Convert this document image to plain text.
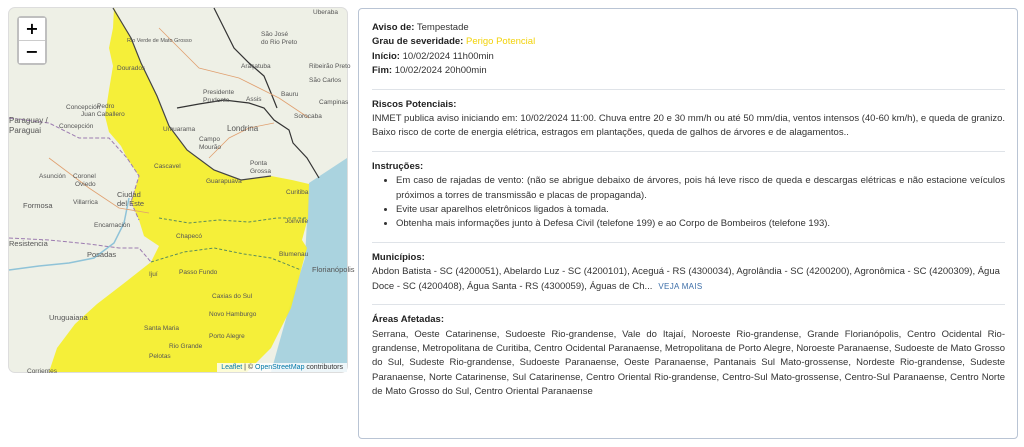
+
−
Uberaba
São José
do Rio Preto
Rio Verde de Mato Grosso
Araçatuba	Ribeirão Preto
São Carlos
Bauru
Presidente
Prudente	Assis	Campinas
Sorocaba
Dourados
Concepción
Pedro
Juan Caballero
Paraguay /
Paraguai	Concepción	Londrina
Umuarama
Campo
Mourão
Ponta
Grossa
Cascavel
Guarapuava
Curitiba
Joinville
Asunción Coronel
Oviedo
Ciudad
del Este
Formosa	Villarrica
Encarnación
Chapecó
Blumenau
Florianópolis
Resistencia
Posadas
Ijuí	Passo Fundo
Caxias do Sul
Novo Hamburgo
Porto Alegre
Santa Maria
Uruguaiana
Rio Grande
Corrientes
Pelotas
Leaflet | © OpenStreetMap contributors
Aviso de: Tempestade
Grau de severidade: Perigo Potencial
Início: 10/02/2024 11h00min
Fim: 10/02/2024 20h00min
Riscos Potenciais:
INMET publica aviso iniciando em: 10/02/2024 11:00. Chuva entre 20 e 30 mm/h ou até 50 mm/dia, ventos intensos (40-60 km/h), e queda de granizo. Baixo risco de corte de energia elétrica, estragos em plantações, queda de galhos de árvores e de alagamentos..
Instruções:
• Em caso de rajadas de vento: (não se abrigue debaixo de árvores, pois há leve risco de queda e descargas elétricas e não estacione veículos próximos a torres de transmissão e placas de propaganda).
• Evite usar aparelhos eletrônicos ligados à tomada.
• Obtenha mais informações junto à Defesa Civil (telefone 199) e ao Corpo de Bombeiros (telefone 193).
Municípios:
Abdon Batista - SC (4200051), Abelardo Luz - SC (4200101), Aceguá - RS (4300034), Agrolândia - SC (4200200), Agronômica - SC (4200309), Água Doce - SC (4200408), Água Santa - RS (4300059), Águas de Ch... VEJA MAIS
Áreas Afetadas:
Serrana, Oeste Catarinense, Sudoeste Rio-grandense, Vale do Itajaí, Noroeste Rio-grandense, Grande Florianópolis, Centro Ocidental Rio-grandense, Metropolitana de Curitiba, Centro Ocidental Paranaense, Metropolitana de Porto Alegre, Noroeste Paranaense, Sudoeste de Mato Grosso do Sul, Sudeste Rio-grandense, Sudoeste Paranaense, Oeste Paranaense, Pantanais Sul Mato-grossense, Nordeste Rio-grandense, Sudeste Paranaense, Norte Catarinense, Sul Catarinense, Centro Oriental Rio-grandense, Centro-Sul Mato-grossense, Centro-Sul Paranaense, Centro Norte de Mato Grosso do Sul, Centro Oriental Paranaense
